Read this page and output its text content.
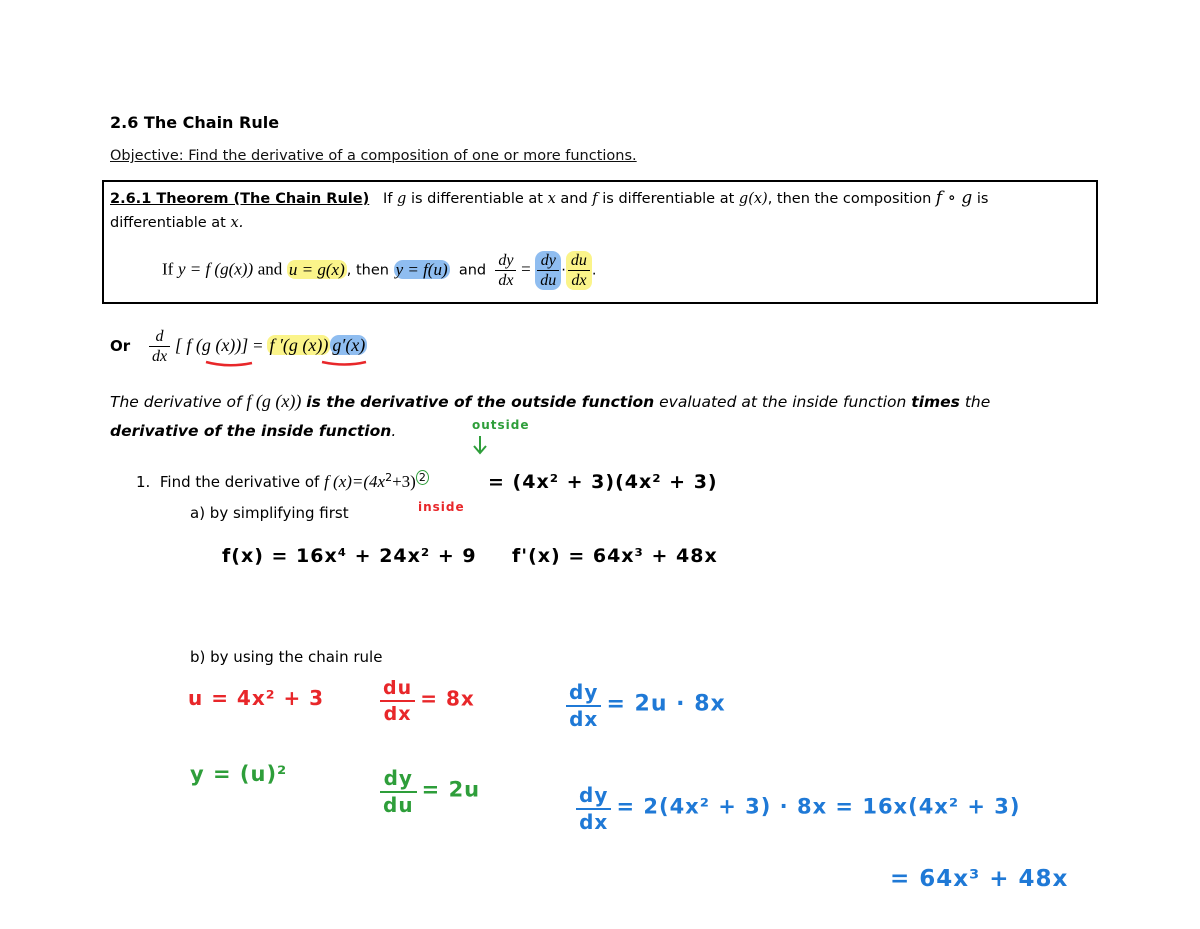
2.6 The Chain Rule
Objective: Find the derivative of a composition of one or more functions.
2.6.1 Theorem (The Chain Rule) If g is differentiable at x and f is differentiable at g(x), then the composition f ∘ g is
differentiable at x.
If y = f (g(x)) and u = g(x) , then y = f(u) and $\frac{dy}{dx} = \frac{dy}{du} \cdot \frac{du}{dx}$ .
Or $\frac{d}{dx}$ [ f (g (x))] = f ′(g (x)) g′(x)
The derivative of f (g (x)) is the derivative of the outside function evaluated at the inside function times the
derivative of the inside function.
1. Find the derivative of f $(x)=(4x^2+3)$ $^2$
a) by simplifying first
b) by using the chain rule
outside
inside
= (4x² + 3)(4x² + 3)
f(x) = 16x⁴ + 24x² + 9 f'(x) = 64x³ + 48x
u = 4x² + 3	$\frac{du}{dx} = 8x$	$\frac{dy}{dx} = 2u \cdot 8x$
y = (u)²	$\frac{dy}{du} = 2u$	$\frac{dy}{dx} = 2(4x^2 + 3) \cdot 8x = 16x(4x^2 + 3)$
= 64x³ + 48x
